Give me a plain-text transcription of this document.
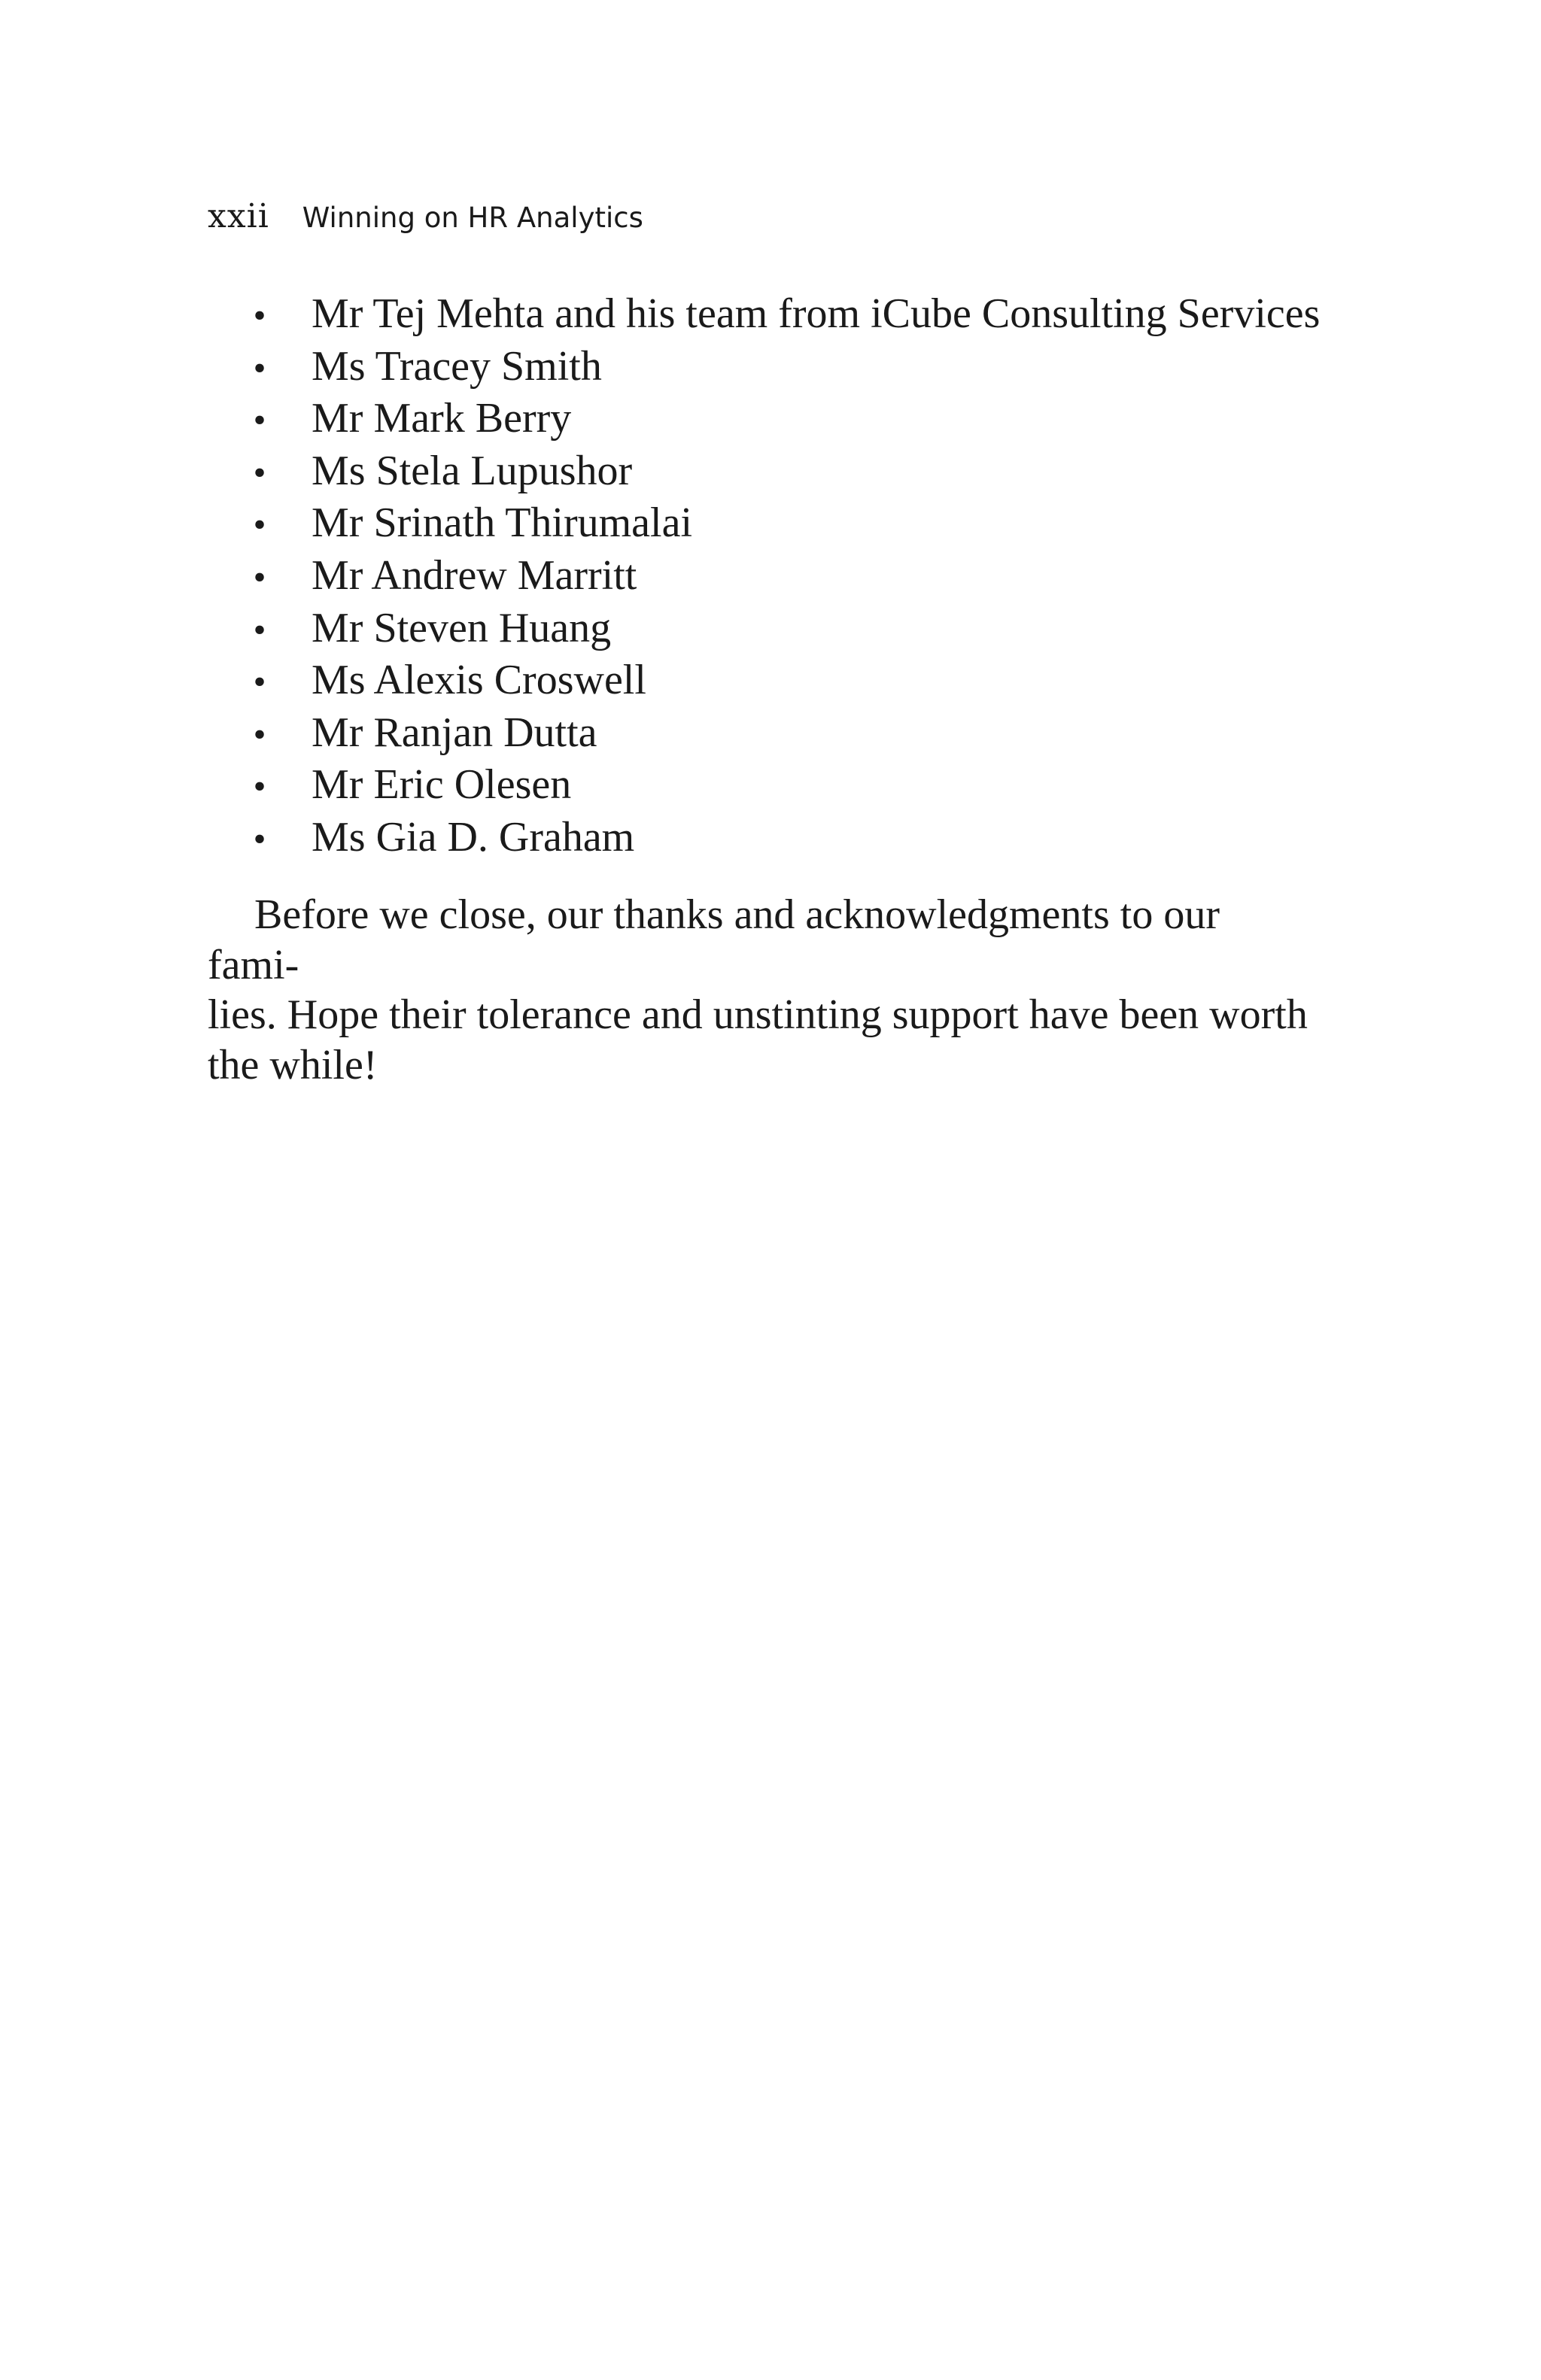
xxii Winning on HR Analytics
•	Mr Tej Mehta and his team from iCube Consulting Services
•	Ms Tracey Smith
•	Mr Mark Berry
•	Ms Stela Lupushor
•	Mr Srinath Thirumalai
•	Mr Andrew Marritt
•	Mr Steven Huang
•	Ms Alexis Croswell
•	Mr Ranjan Dutta
•	Mr Eric Olesen
•	Ms Gia D. Graham

Before we close, our thanks and acknowledgments to our fami-
lies. Hope their tolerance and unstinting support have been worth
the while!
